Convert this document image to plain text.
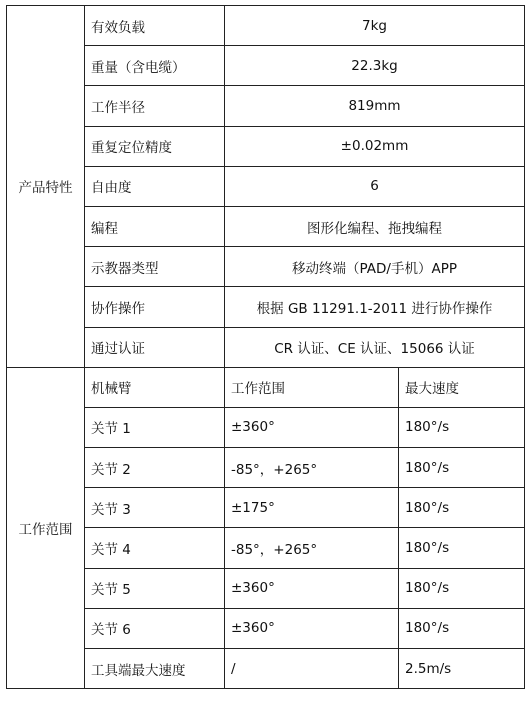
产品特性	有效负载	7kg	
	重量（含电缆）	22.3kg	
	工作半径	819mm	
	重复定位精度	±0.02mm	
	自由度	6	
	编程	图形化编程、拖拽编程	
	示教器类型	移动终端（PAD/手机）APP	
	协作操作	根据 GB 11291.1-2011 进行协作操作	
	通过认证	CR 认证、CE 认证、15066 认证	
工作范围	机械臂	工作范围	最大速度
	关节 1	±360°	180°/s
	关节 2	-85°，+265°	180°/s
	关节 3	±175°	180°/s
	关节 4	-85°，+265°	180°/s
	关节 5	±360°	180°/s
	关节 6	±360°	180°/s
	工具端最大速度	/	2.5m/s
